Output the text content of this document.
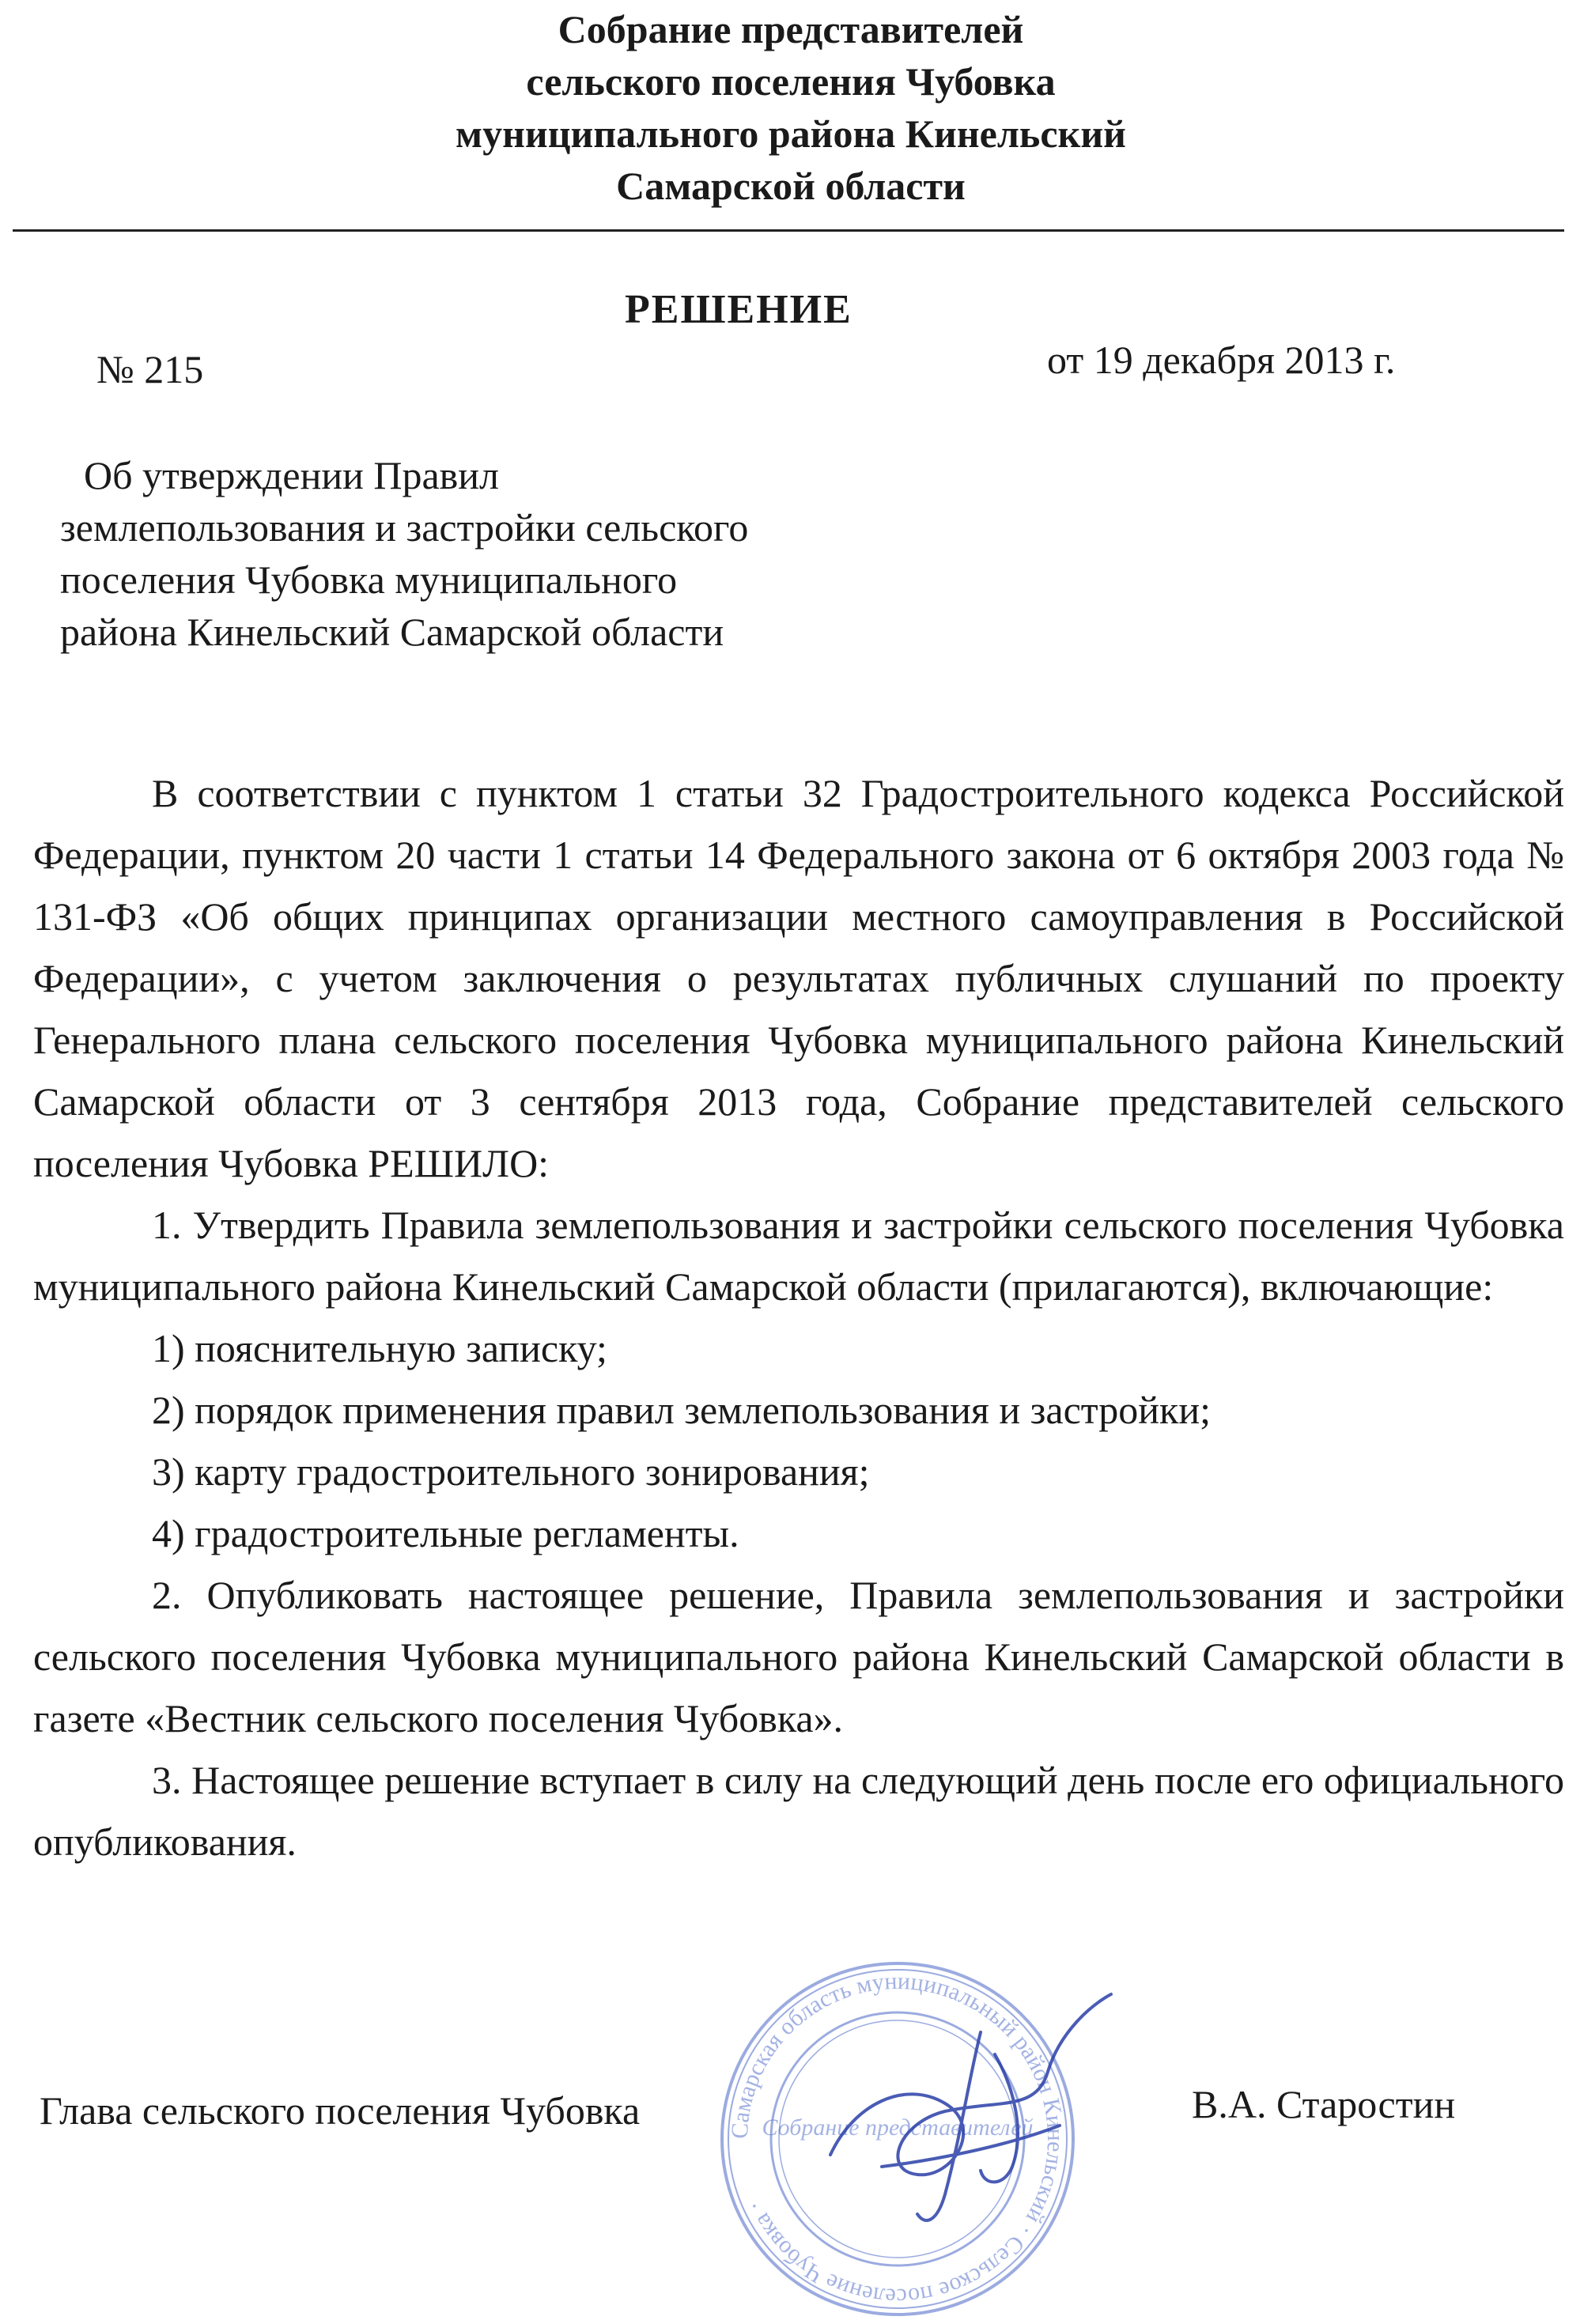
Собрание представителей
сельского поселения Чубовка
муниципального района Кинельский
Самарской области
РЕШЕНИЕ
№ 215	от 19 декабря 2013 г.
Об утверждении Правил
землепользования и застройки сельского
поселения Чубовка муниципального
района Кинельский Самарской области

В соответствии с пунктом 1 статьи 32 Градостроительного кодекса Российской Федерации, пунктом 20 части 1 статьи 14 Федерального закона от 6 октября 2003 года № 131-ФЗ «Об общих принципах организации местного самоуправления в Российской Федерации», с учетом заключения о результатах публичных слушаний по проекту Генерального плана сельского поселения Чубовка муниципального района Кинельский Самарской области от 3 сентября 2013 года, Собрание представителей сельского поселения Чубовка РЕШИЛО:

1. Утвердить Правила землепользования и застройки сельского поселения Чубовка муниципального района Кинельский Самарской области (прилагаются), включающие:

1) пояснительную записку;
2) порядок применения правил землепользования и застройки;
3) карту градостроительного зонирования;
4) градостроительные регламенты.

2. Опубликовать настоящее решение, Правила землепользования и застройки сельского поселения Чубовка муниципального района Кинельский Самарской области в газете «Вестник сельского поселения Чубовка».

3. Настоящее решение вступает в силу на следующий день после его официального опубликования.

Самарская область муниципальный район Кинельский · Сельское поселение Чубовка ·
Собрание представителей
Глава сельского поселения Чубовка	В.А. Старостин
